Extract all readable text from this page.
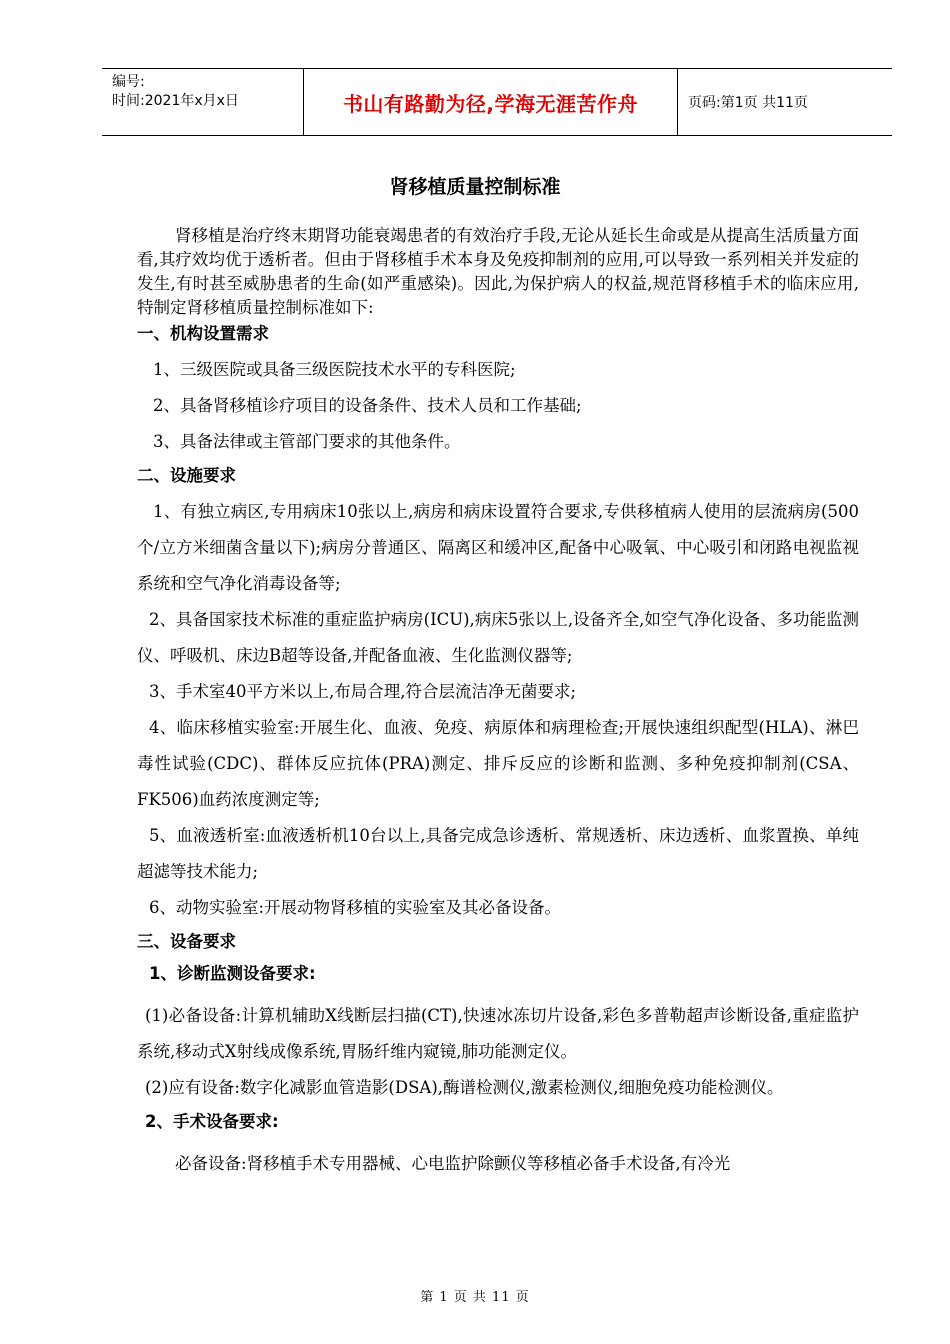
编号:
时间:2021年x月x日	书山有路勤为径,学海无涯苦作舟	页码:第1页 共11页
肾移植质量控制标准

肾移植是治疗终末期肾功能衰竭患者的有效治疗手段,无论从延长生命或是从提高生活质量方面看,其疗效均优于透析者。但由于肾移植手术本身及免疫抑制剂的应用,可以导致一系列相关并发症的发生,有时甚至威胁患者的生命(如严重感染)。因此,为保护病人的权益,规范肾移植手术的临床应用,特制定肾移植质量控制标准如下:

一、机构设置需求

1、三级医院或具备三级医院技术水平的专科医院;

2、具备肾移植诊疗项目的设备条件、技术人员和工作基础;

3、具备法律或主管部门要求的其他条件。

二、设施要求

1、有独立病区,专用病床10张以上,病房和病床设置符合要求,专供移植病人使用的层流病房(500个/立方米细菌含量以下);病房分普通区、隔离区和缓冲区,配备中心吸氧、中心吸引和闭路电视监视系统和空气净化消毒设备等;

2、具备国家技术标准的重症监护病房(ICU),病床5张以上,设备齐全,如空气净化设备、多功能监测仪、呼吸机、床边B超等设备,并配备血液、生化监测仪器等;

3、手术室40平方米以上,布局合理,符合层流洁净无菌要求;

4、临床移植实验室:开展生化、血液、免疫、病原体和病理检查;开展快速组织配型(HLA)、淋巴毒性试验(CDC)、群体反应抗体(PRA)测定、排斥反应的诊断和监测、多种免疫抑制剂(CSA、FK506)血药浓度测定等;

5、血液透析室:血液透析机10台以上,具备完成急诊透析、常规透析、床边透析、血浆置换、单纯超滤等技术能力;

6、动物实验室:开展动物肾移植的实验室及其必备设备。

三、设备要求
1、诊断监测设备要求:

(1)必备设备:计算机辅助X线断层扫描(CT),快速冰冻切片设备,彩色多普勒超声诊断设备,重症监护系统,移动式X射线成像系统,胃肠纤维内窥镜,肺功能测定仪。

(2)应有设备:数字化减影血管造影(DSA),酶谱检测仪,激素检测仪,细胞免疫功能检测仪。

2、手术设备要求:

必备设备:肾移植手术专用器械、心电监护除颤仪等移植必备手术设备,有冷光

第 1 页 共 11 页
